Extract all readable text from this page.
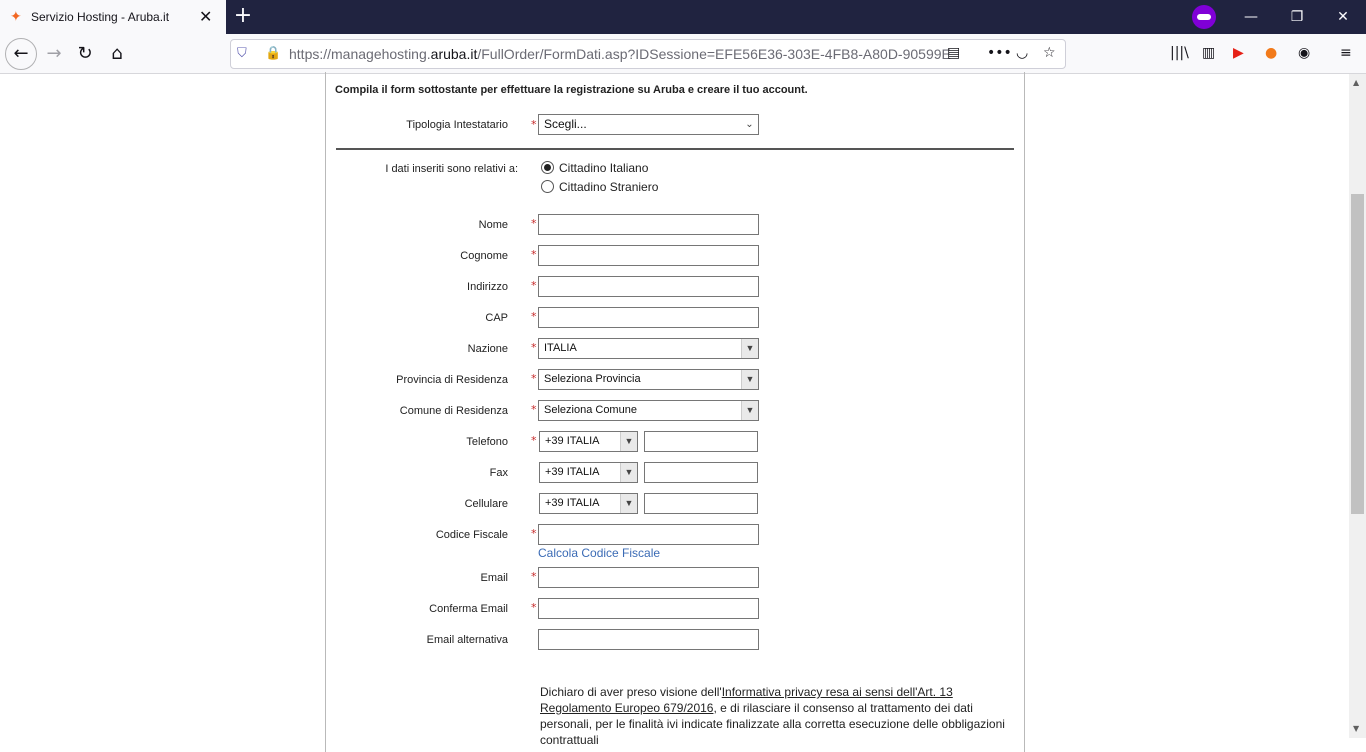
✦ Servizio Hosting - Aruba.it ✕ +	—	❐	✕
← → ↻	⌂	⛉	🔒 https://managehosting.aruba.it/FullOrder/FormDati.asp?IDSessione=EFE56E36-303E-4FB8-A80D-90599E
▤ ••• ◡ ☆	|||\ ▥ ▶ ● ◉ ≡
Compila il form sottostante per effettuare la registrazione su Aruba e creare il tuo account.
Tipologia Intestatario * Scegli...	⌄
I dati inseriti sono relativi a:	Cittadino Italiano
Cittadino Straniero
Nome *
Cognome *
Indirizzo *
CAP *
Nazione * ITALIA	▼
Provincia di Residenza * Seleziona Provincia	▼
Comune di Residenza * Seleziona Comune	▼
Telefono * +39 ITALIA	▼
Fax	+39 ITALIA	▼
Cellulare	+39 ITALIA	▼
Codice Fiscale *
Calcola Codice Fiscale
Email *
Conferma Email *
Email alternativa
Dichiaro di aver preso visione dell'Informativa privacy resa ai sensi dell'Art. 13 Regolamento Europeo 679/2016, e di rilasciare il consenso al trattamento dei dati personali, per le finalità ivi indicate finalizzate alla corretta esecuzione delle obbligazioni contrattuali
▲
▼
